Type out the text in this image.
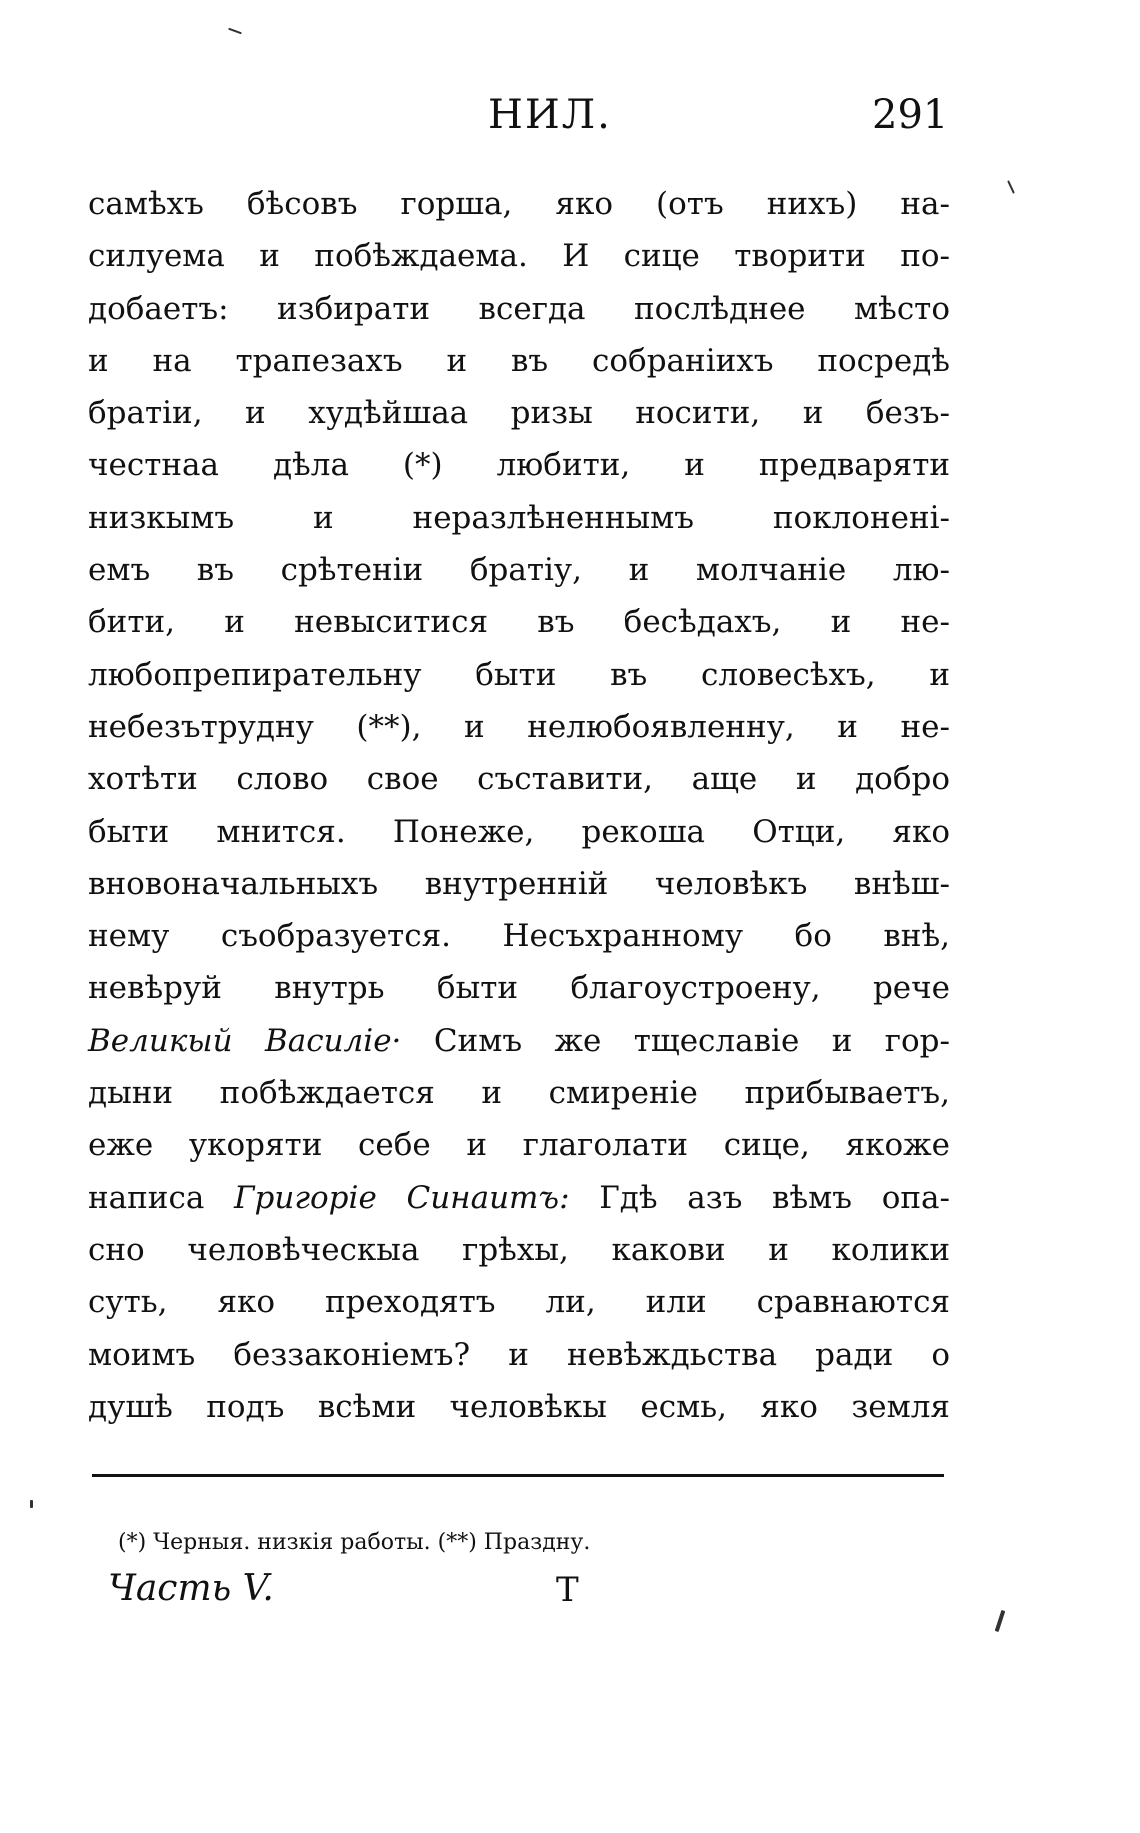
НИЛ.	291
самѣхъ бѣсовъ горша, яко (отъ нихъ) на-
силуема и побѣждаема. И сице творити по-
добаетъ: избирати всегда послѣднее мѣсто
и на трапезахъ и въ собраніихъ посредѣ
братіи, и худѣйшаа ризы носити, и безъ-
честнаа дѣла (*) любити, и предваряти
низкымъ и неразлѣненнымъ поклоненi-
емъ въ срѣтеніи братiу, и молчаніе лю-
бити, и невыситися въ бесѣдахъ, и не-
любопрепирательну быти въ словесѣхъ, и
небезътрудну (**), и нелюбоявленну, и не-
хотѣти слово свое съставити, аще и добро
быти мнится. Понеже, рекоша Отци, яко
вновоначальныхъ внутренній человѣкъ внѣш-
нему съобразуется. Несъхранному бо внѣ,
невѣруй внутрь быти благоустроену, рече
Великый Василiе· Симъ же тщеславіе и гор-
дыни побѣждается и смиреніе прибываетъ,
еже укоряти себе и глаголати сице, якоже
написа Григоріе Синаитъ: Гдѣ азъ вѣмъ опа-
сно человѣческыа грѣхы, какови и колики
суть, яко преходятъ ли, или сравнаются
моимъ беззаконіемъ? и невѣждьства ради о
душѣ подъ всѣми человѣкы есмь, яко земля
(*) Черныя. низкія работы. (**) Праздну.
Часть V.	Т
